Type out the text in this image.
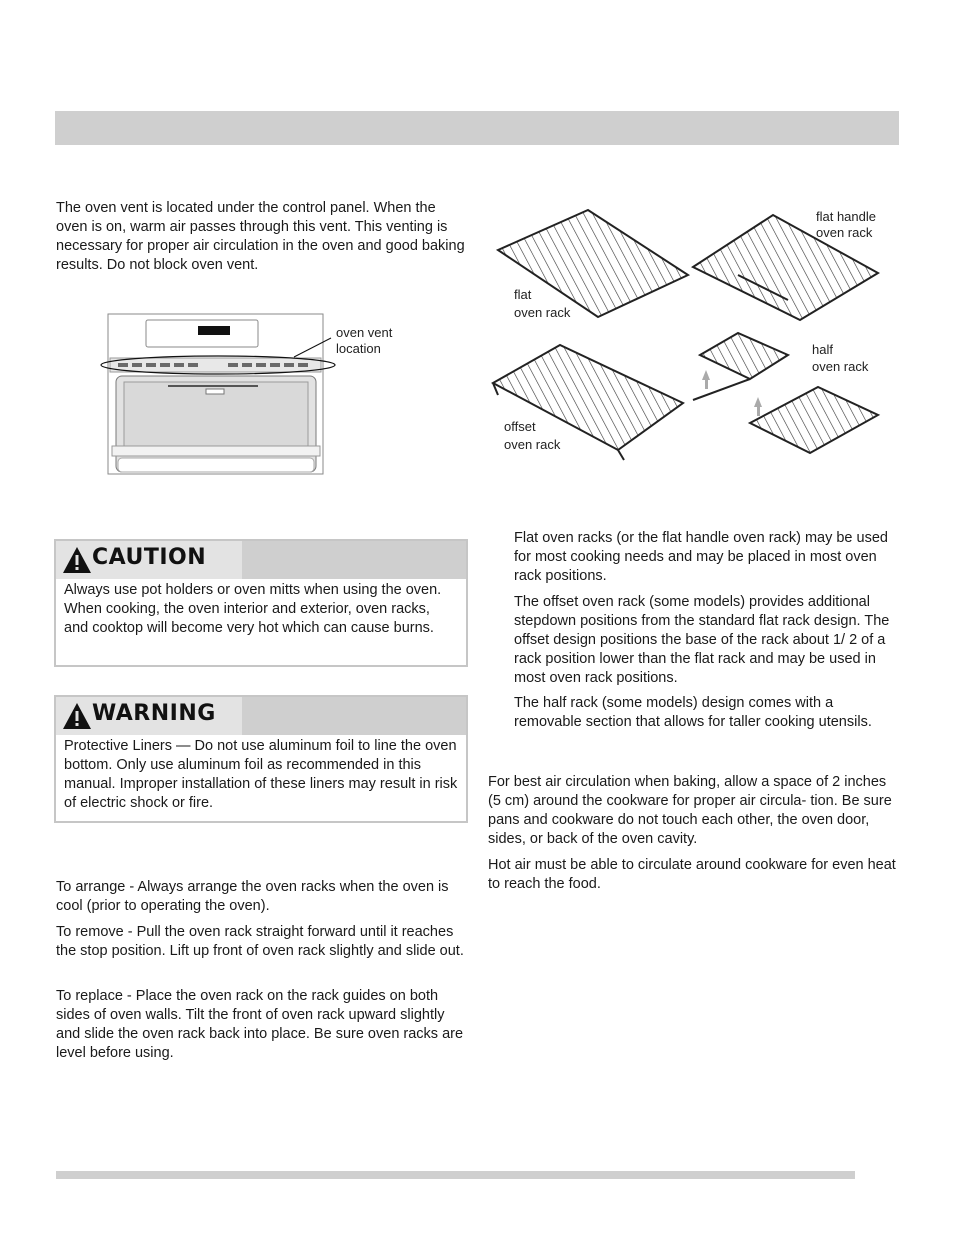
The oven vent is located under the control panel. When the oven is on, warm air passes through this vent. This venting is necessary for proper air circulation in the oven and good baking results. Do not block oven vent.

oven vent
location
flat
oven rack
flat handle
oven rack
offset
oven rack
half
oven rack
CAUTION

Always use pot holders or oven mitts when using the oven. When cooking, the oven interior and exterior, oven racks, and cooktop will become very hot which can cause burns.

WARNING

Protective Liners — Do not use aluminum foil to line the oven bottom. Only use aluminum foil as recommended in this manual. Improper installation of these liners may result in risk of electric shock or fire.

To arrange - Always arrange the oven racks when the oven is cool (prior to operating the oven).

To remove - Pull the oven rack straight forward until it reaches the stop position. Lift up front of oven rack slightly and slide out.

To replace - Place the oven rack on the rack guides on both sides of oven walls. Tilt the front of oven rack upward slightly and slide the oven rack back into place. Be sure oven racks are level before using.

Flat oven racks (or the flat handle oven rack) may be used for most cooking needs and may be placed in most oven rack positions.

The offset oven rack (some models) provides additional stepdown positions from the standard flat rack design. The offset design positions the base of the rack about 1/ 2 of a rack position lower than the flat rack and may be used in most oven rack positions.

The half rack (some models) design comes with a removable section that allows for taller cooking utensils.

For best air circulation when baking, allow a space of 2 inches (5 cm) around the cookware for proper air circula- tion. Be sure pans and cookware do not touch each other, the oven door, sides, or back of the oven cavity.

Hot air must be able to circulate around cookware for even heat to reach the food.
